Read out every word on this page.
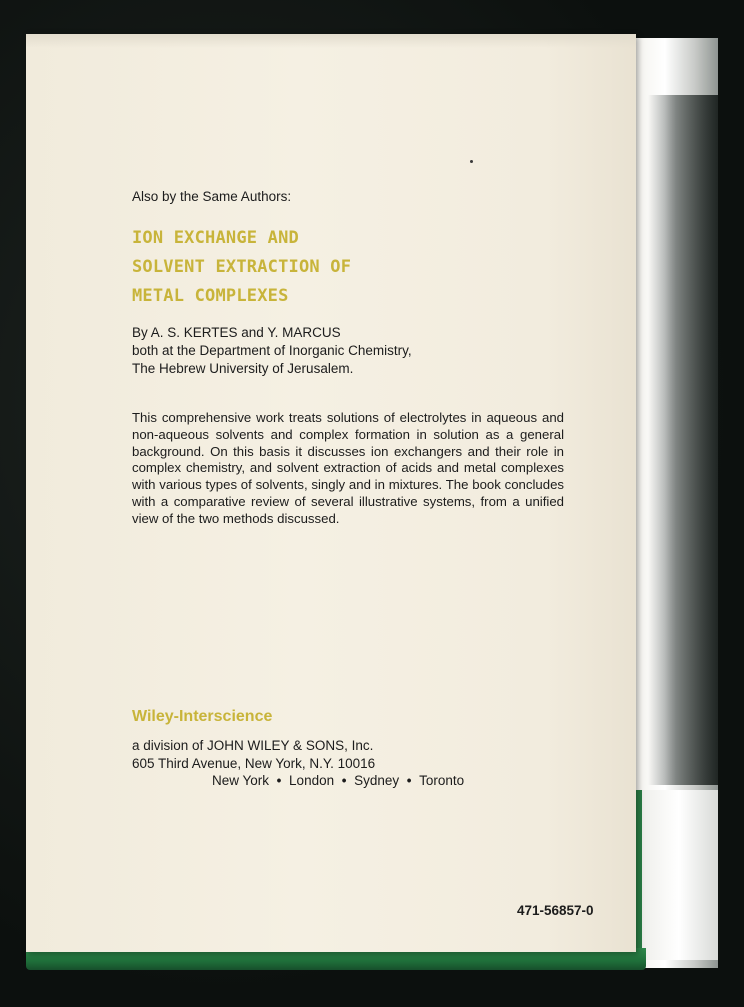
Also by the Same Authors:

ION EXCHANGE AND
SOLVENT EXTRACTION OF
METAL COMPLEXES

By A. S. KERTES and Y. MARCUS
both at the Department of Inorganic Chemistry,
The Hebrew University of Jerusalem.

This comprehensive work treats solutions of electrolytes in aqueous and non-aqueous solvents and complex formation in solution as a general background. On this basis it discusses ion exchangers and their role in complex chemistry, and solvent extraction of acids and metal complexes with various types of solvents, singly and in mixtures. The book concludes with a comparative review of several illustrative systems, from a unified view of the two methods discussed.

Wiley-Interscience

a division of JOHN WILEY & SONS, Inc.
605 Third Avenue, New York, N.Y. 10016

New York • London • Sydney • Toronto

471-56857-0
